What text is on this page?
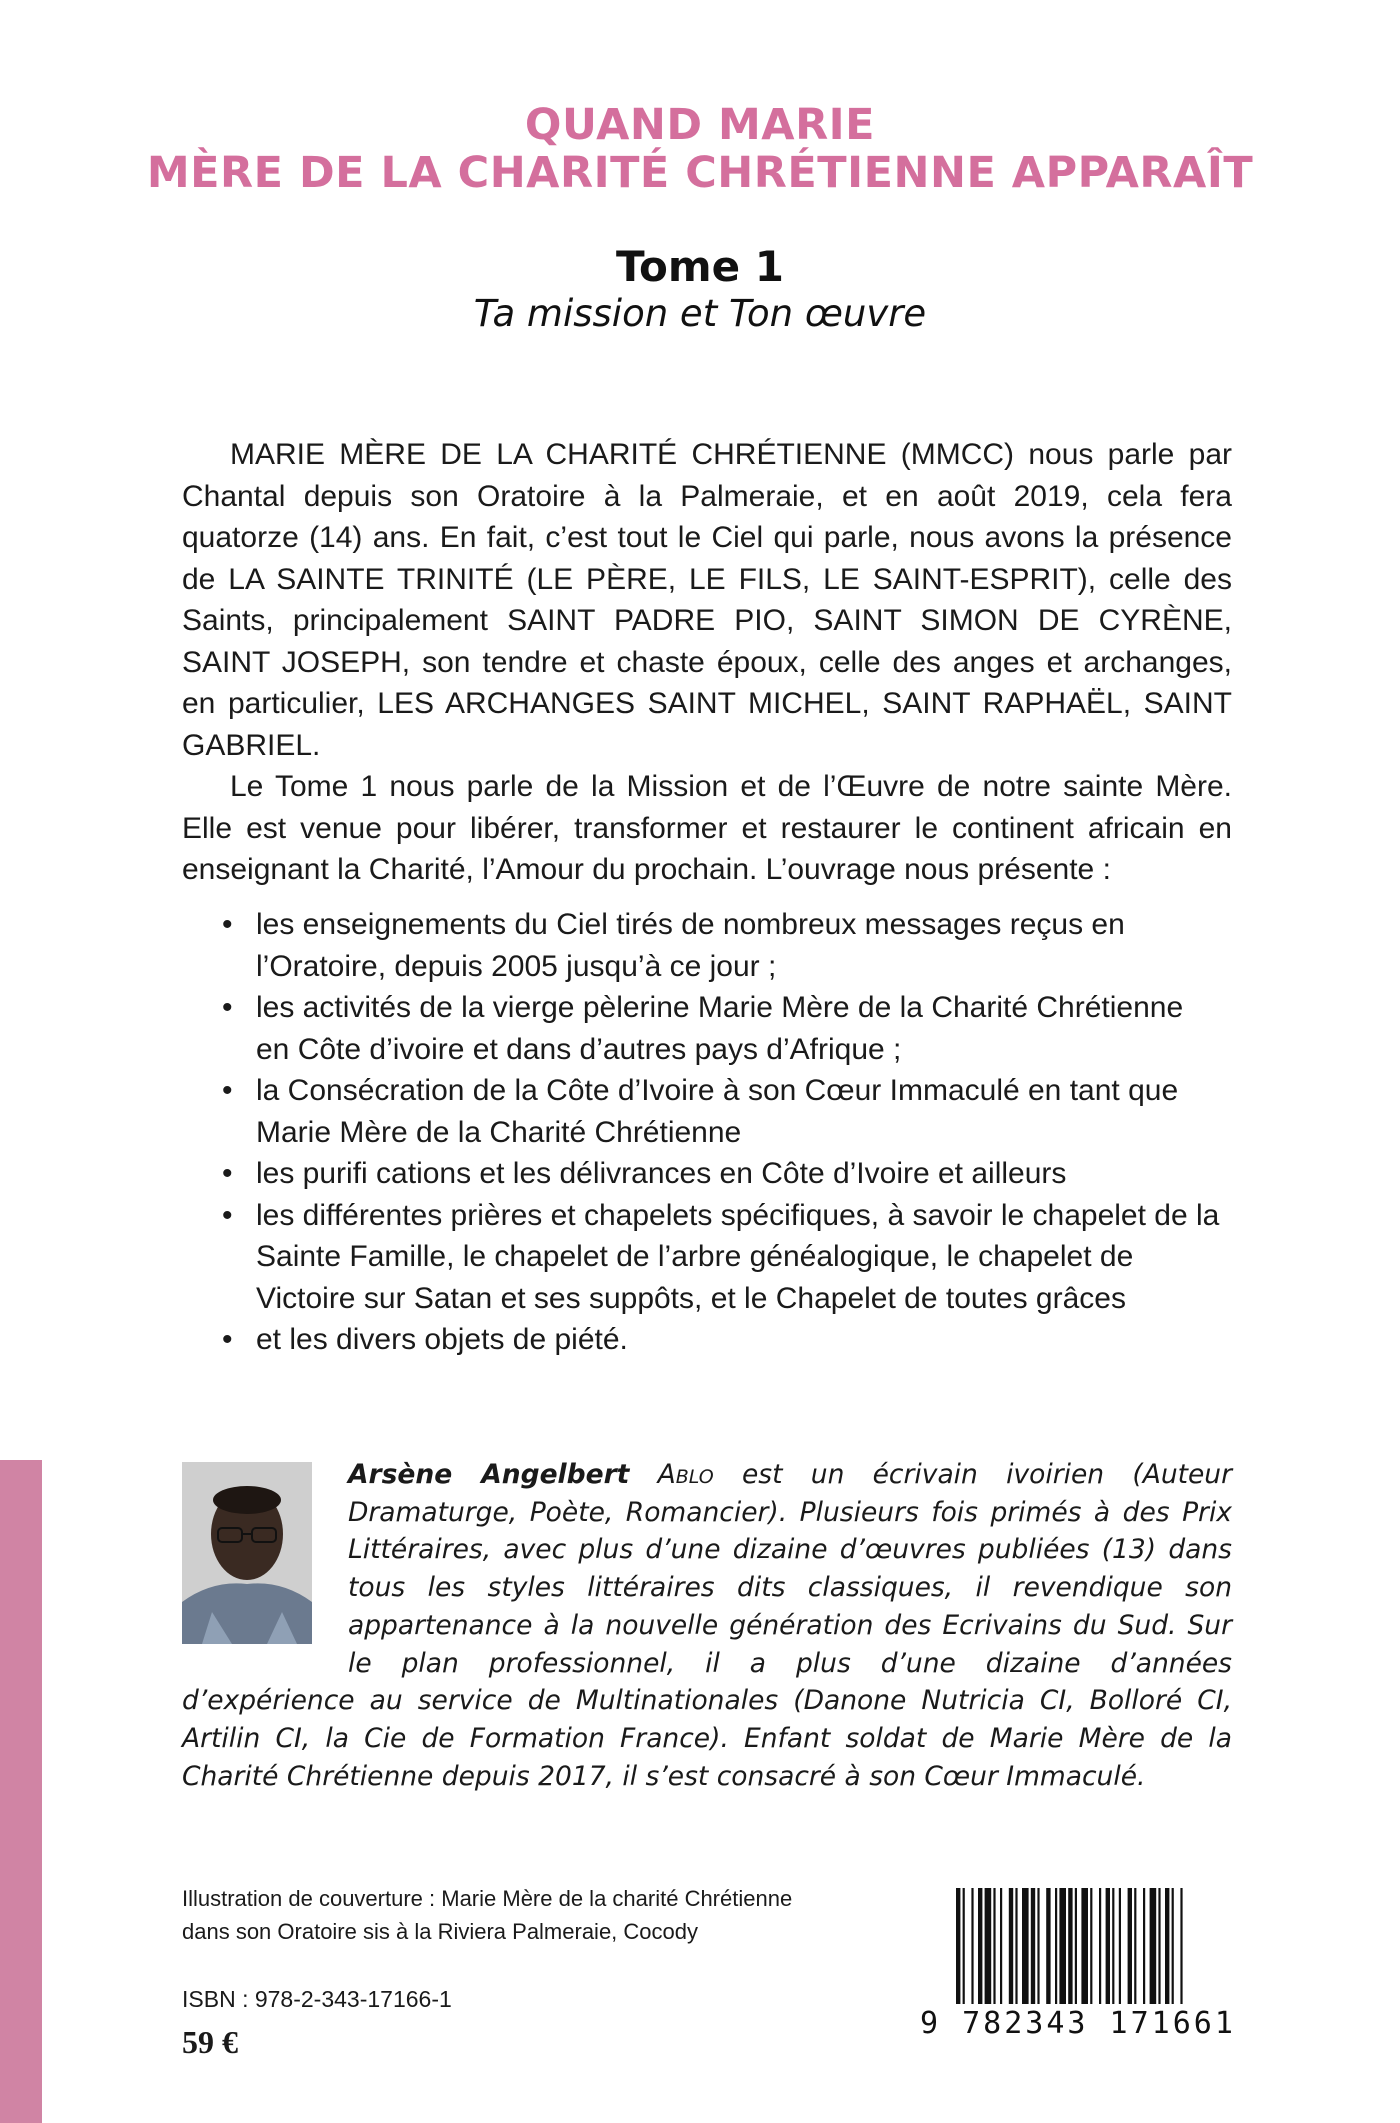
QUAND MARIE
MÈRE DE LA CHARITÉ CHRÉTIENNE APPARAÎT
Tome 1
Ta mission et Ton œuvre

MARIE MÈRE DE LA CHARITÉ CHRÉTIENNE (MMCC) nous parle par Chantal depuis son Oratoire à la Palmeraie, et en août 2019, cela fera quatorze (14) ans. En fait, c’est tout le Ciel qui parle, nous avons la présence de LA SAINTE TRINITÉ (LE PÈRE, LE FILS, LE SAINT-ESPRIT), celle des Saints, principalement SAINT PADRE PIO, SAINT SIMON DE CYRÈNE, SAINT JOSEPH, son tendre et chaste époux, celle des anges et archanges, en particulier, LES ARCHANGES SAINT MICHEL, SAINT RAPHAËL, SAINT GABRIEL.

Le Tome 1 nous parle de la Mission et de l’Œuvre de notre sainte Mère. Elle est venue pour libérer, transformer et restaurer le continent africain en enseignant la Charité, l’Amour du prochain. L’ouvrage nous présente :

• les enseignements du Ciel tirés de nombreux messages reçus en l’Oratoire, depuis 2005 jusqu’à ce jour ;
• les activités de la vierge pèlerine Marie Mère de la Charité Chrétienne en Côte d’ivoire et dans d’autres pays d’Afrique ;
• la Consécration de la Côte d’Ivoire à son Cœur Immaculé en tant que Marie Mère de la Charité Chrétienne
• les purifi cations et les délivrances en Côte d’Ivoire et ailleurs
• les différentes prières et chapelets spécifiques, à savoir le chapelet de la Sainte Famille, le chapelet de l’arbre généalogique, le chapelet de Victoire sur Satan et ses suppôts, et le Chapelet de toutes grâces
• et les divers objets de piété.

Arsène Angelbert Ablo est un écrivain ivoirien (Auteur Dramaturge, Poète, Romancier). Plusieurs fois primés à des Prix Littéraires, avec plus d’une dizaine d’œuvres publiées (13) dans tous les styles littéraires dits classiques, il revendique son appartenance à la nouvelle génération des Ecrivains du Sud. Sur le plan professionnel, il a plus d’une dizaine d’années d’expérience au service de Multinationales (Danone Nutricia CI, Bolloré CI, Artilin CI, la Cie de Formation France). Enfant soldat de Marie Mère de la Charité Chrétienne depuis 2017, il s’est consacré à son Cœur Immaculé.

Illustration de couverture : Marie Mère de la charité Chrétienne
dans son Oratoire sis à la Riviera Palmeraie, Cocody
ISBN : 978-2-343-17166-1
59 €
9 782343 171661
